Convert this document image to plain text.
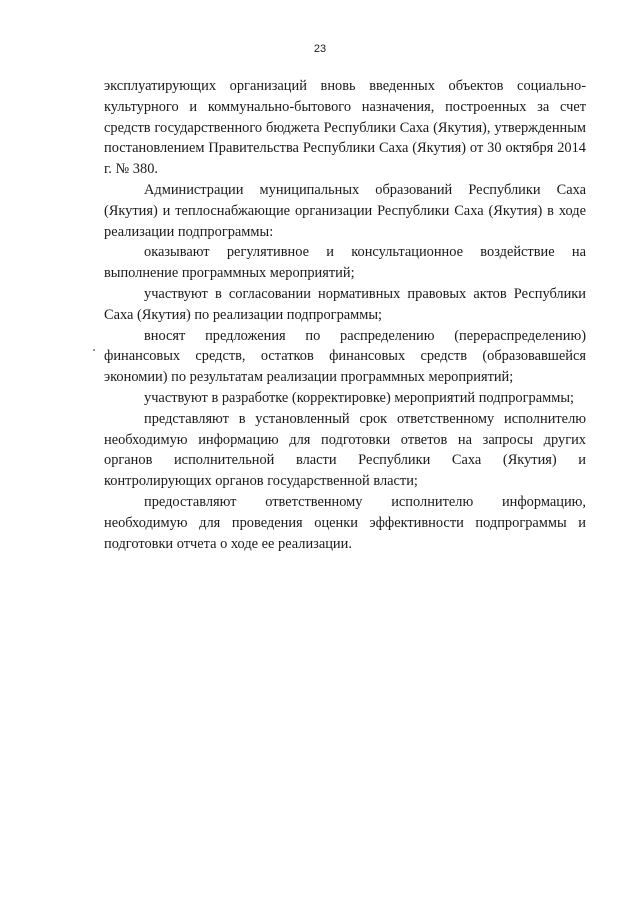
23

эксплуатирующих организаций вновь введенных объектов социально-культурного и коммунально-бытового назначения, построенных за счет средств государственного бюджета Республики Саха (Якутия), утвержденным постановлением Правительства Республики Саха (Якутия) от 30 октября 2014 г. № 380.

Администрации муниципальных образований Республики Саха (Якутия) и теплоснабжающие организации Республики Саха (Якутия) в ходе реализации подпрограммы:

оказывают регулятивное и консультационное воздействие на выполнение программных мероприятий;

участвуют в согласовании нормативных правовых актов Республики Саха (Якутия) по реализации подпрограммы;

вносят предложения по распределению (перераспределению) финансовых средств, остатков финансовых средств (образовавшейся экономии) по результатам реализации программных мероприятий;

участвуют в разработке (корректировке) мероприятий подпрограммы;

представляют в установленный срок ответственному исполнителю необходимую информацию для подготовки ответов на запросы других органов исполнительной власти Республики Саха (Якутия) и контролирующих органов государственной власти;

предоставляют ответственному исполнителю информацию, необходимую для проведения оценки эффективности подпрограммы и подготовки отчета о ходе ее реализации.
